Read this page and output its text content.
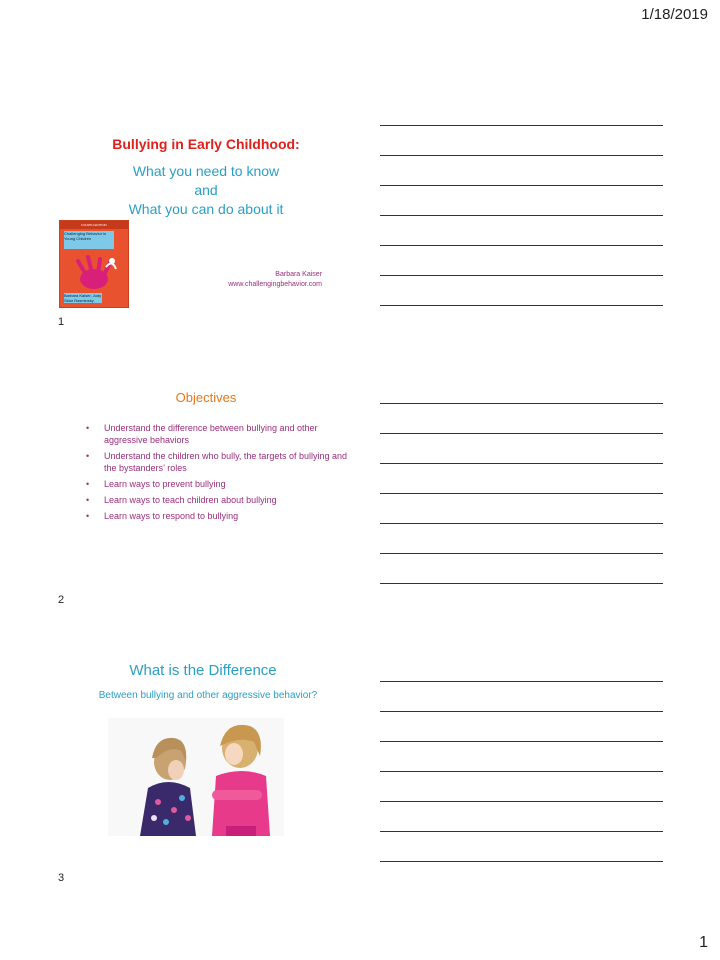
1/18/2019
Bullying in Early Childhood:
What you need to know
and
What you can do about it
FOURTH EDITION
Challenging Behavior in Young Children
Barbara Kaiser, Judy Sklar Rasminsky
Barbara Kaiser
www.challengingbehavior.com
1
Objectives
• Understand the difference between bullying and other aggressive behaviors
• Understand the children who bully, the targets of bullying and the bystanders’ roles
• Learn ways to prevent bullying
• Learn ways to teach children about bullying
• Learn ways to respond to bullying
2
What is the Difference
Between bullying and other aggressive behavior?
3
1
